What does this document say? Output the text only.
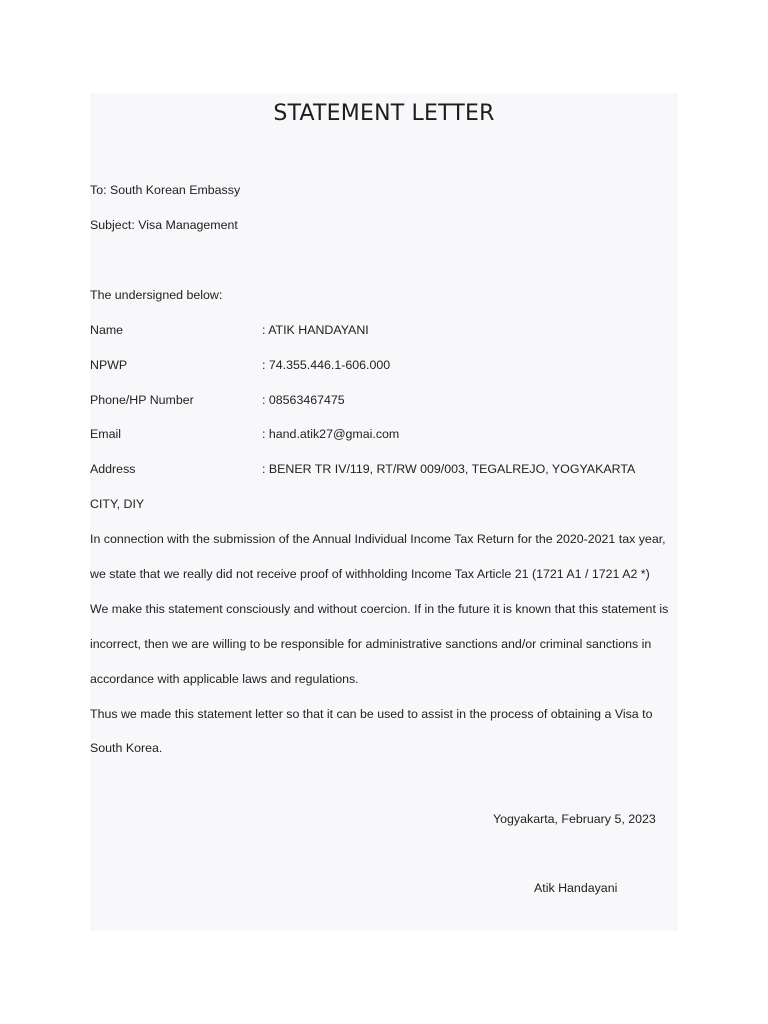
STATEMENT LETTER
To: South Korean Embassy
Subject: Visa Management
The undersigned below:
Name	: ATIK HANDAYANI
NPWP	: 74.355.446.1-606.000
Phone/HP Number	: 08563467475
Email	: hand.atik27@gmai.com
Address	: BENER TR IV/119, RT/RW 009/003, TEGALREJO, YOGYAKARTA
CITY, DIY
In connection with the submission of the Annual Individual Income Tax Return for the 2020-2021 tax year,
we state that we really did not receive proof of withholding Income Tax Article 21 (1721 A1 / 1721 A2 *)
We make this statement consciously and without coercion. If in the future it is known that this statement is
incorrect, then we are willing to be responsible for administrative sanctions and/or criminal sanctions in
accordance with applicable laws and regulations.
Thus we made this statement letter so that it can be used to assist in the process of obtaining a Visa to
South Korea.
Yogyakarta, February 5, 2023
Atik Handayani
